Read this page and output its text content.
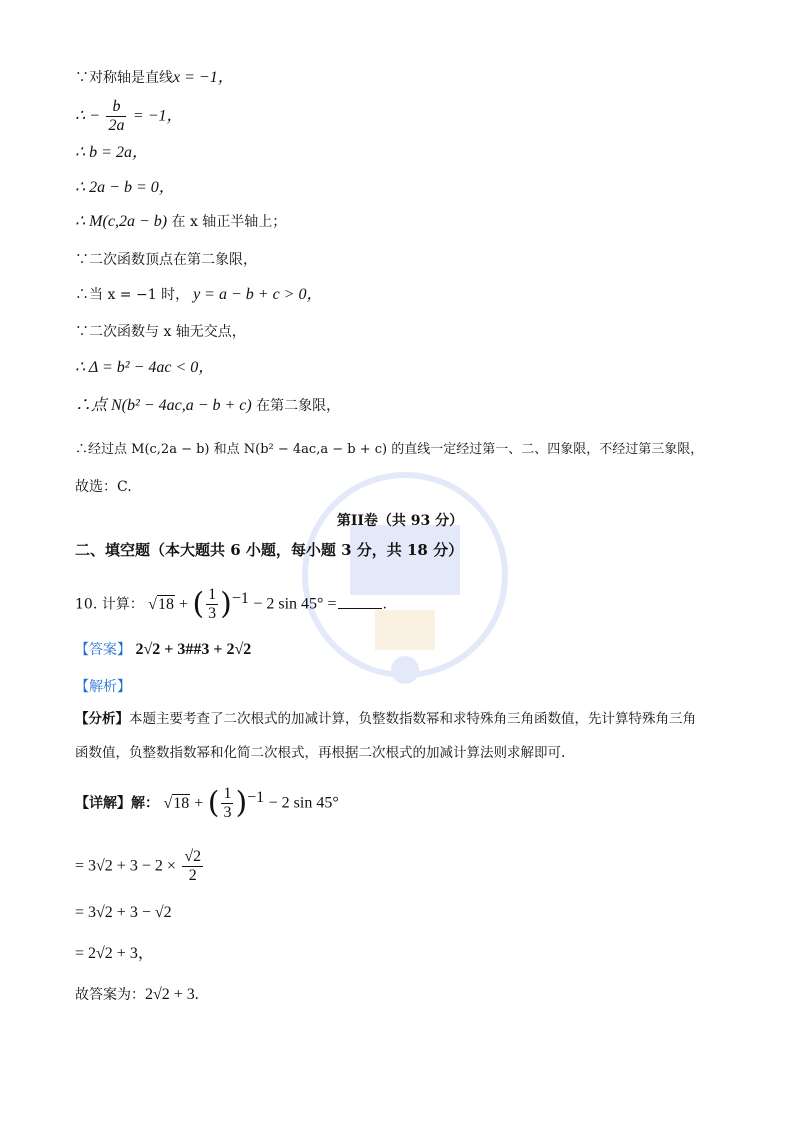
∵对称轴是直线x = −1，
∴ − $\frac{b}{2a} = -1$，
∴ b = 2a，
∴ 2a − b = 0，
∴ M(c,2a − b) 在 x 轴正半轴上；
∵二次函数顶点在第二象限，
∴当 x = −1 时， y = a − b + c > 0，
∵二次函数与 x 轴无交点，
∴ Δ = b² − 4ac < 0，
∴点 N(b² − 4ac,a − b + c) 在第二象限，
∴经过点 M(c,2a − b) 和点 N(b² − 4ac,a − b + c) 的直线一定经过第一、二、四象限，不经过第三象限，
故选：C.
第II卷（共 93 分）
二、填空题（本大题共 6 小题，每小题 3 分，共 18 分）
10. 计算： √18 + ( $\frac{1}{3} )^{-1} - 2$ sin 45° =	.
【答案】 2√2 + 3##3 + 2√2
【解析】
【分析】本题主要考查了二次根式的加减计算，负整数指数幂和求特殊角三角函数值，先计算特殊角三角
函数值，负整数指数幂和化简二次根式，再根据二次根式的加减计算法则求解即可.
【详解】解： √18 + ( $\frac{1}{3} )^{-1} - 2$ sin 45°
= $3√2 + 3 - 2 \times \frac{√2}{2}$
= 3√2 + 3 − √2
= 2√2 + 3，
故答案为：2√2 + 3.
